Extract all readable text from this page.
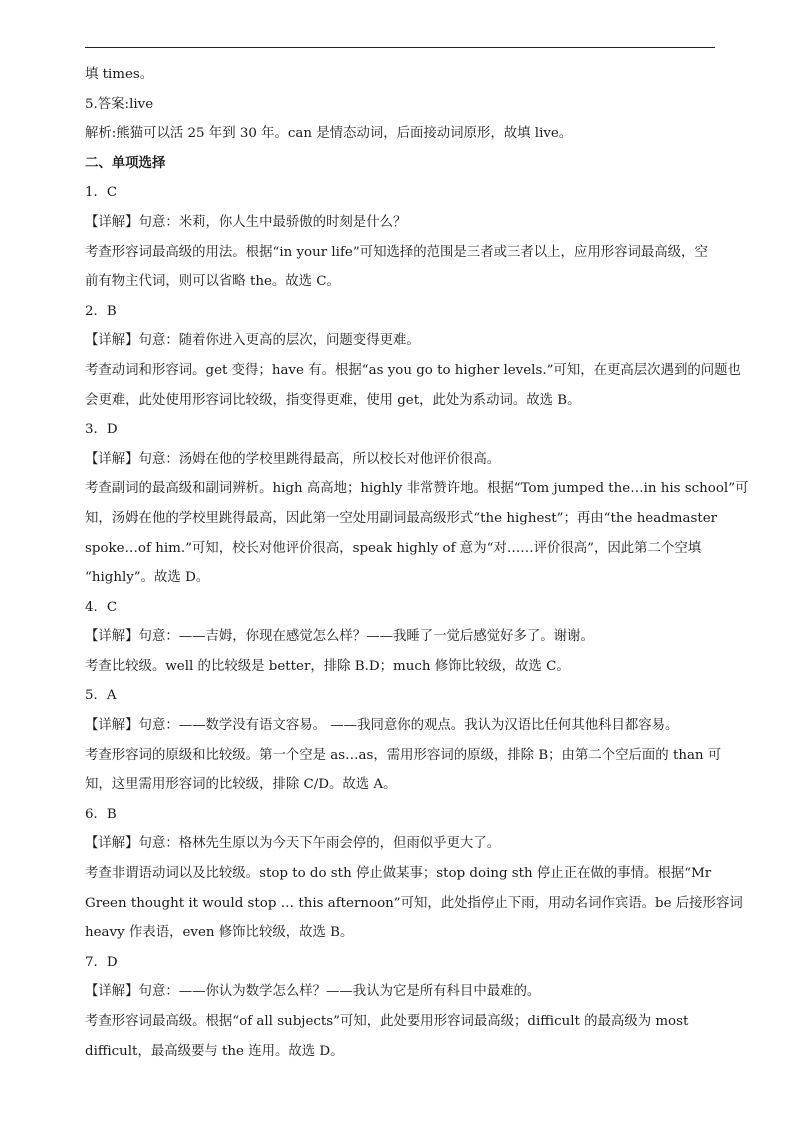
填 times。
5.答案:live
解析:熊猫可以活 25 年到 30 年。can 是情态动词，后面接动词原形，故填 live。
二、单项选择
1．C
【详解】句意：米莉，你人生中最骄傲的时刻是什么？
考查形容词最高级的用法。根据“in your life”可知选择的范围是三者或三者以上，应用形容词最高级，空
前有物主代词，则可以省略 the。故选 C。
2．B
【详解】句意：随着你进入更高的层次，问题变得更难。
考查动词和形容词。get 变得；have 有。根据“as you go to higher levels.”可知，在更高层次遇到的问题也
会更难，此处使用形容词比较级，指变得更难，使用 get，此处为系动词。故选 B。
3．D
【详解】句意：汤姆在他的学校里跳得最高，所以校长对他评价很高。
考查副词的最高级和副词辨析。high 高高地；highly 非常赞许地。根据“Tom jumped the…in his school”可
知，汤姆在他的学校里跳得最高，因此第一空处用副词最高级形式“the highest”；再由“the headmaster
spoke…of him.”可知，校长对他评价很高，speak highly of 意为“对……评价很高”，因此第二个空填
“highly”。故选 D。
4．C
【详解】句意：——吉姆，你现在感觉怎么样？——我睡了一觉后感觉好多了。谢谢。
考查比较级。well 的比较级是 better，排除 B.D；much 修饰比较级，故选 C。
5．A
【详解】句意：——数学没有语文容易。 ——我同意你的观点。我认为汉语比任何其他科目都容易。
考查形容词的原级和比较级。第一个空是 as…as，需用形容词的原级，排除 B；由第二个空后面的 than 可
知，这里需用形容词的比较级，排除 C/D。故选 A。
6．B
【详解】句意：格林先生原以为今天下午雨会停的，但雨似乎更大了。
考查非谓语动词以及比较级。stop to do sth 停止做某事；stop doing sth 停止正在做的事情。根据“Mr
Green thought it would stop … this afternoon”可知，此处指停止下雨，用动名词作宾语。be 后接形容词
heavy 作表语，even 修饰比较级，故选 B。
7．D
【详解】句意：——你认为数学怎么样？——我认为它是所有科目中最难的。
考查形容词最高级。根据“of all subjects”可知，此处要用形容词最高级；difficult 的最高级为 most
difficult，最高级要与 the 连用。故选 D。
